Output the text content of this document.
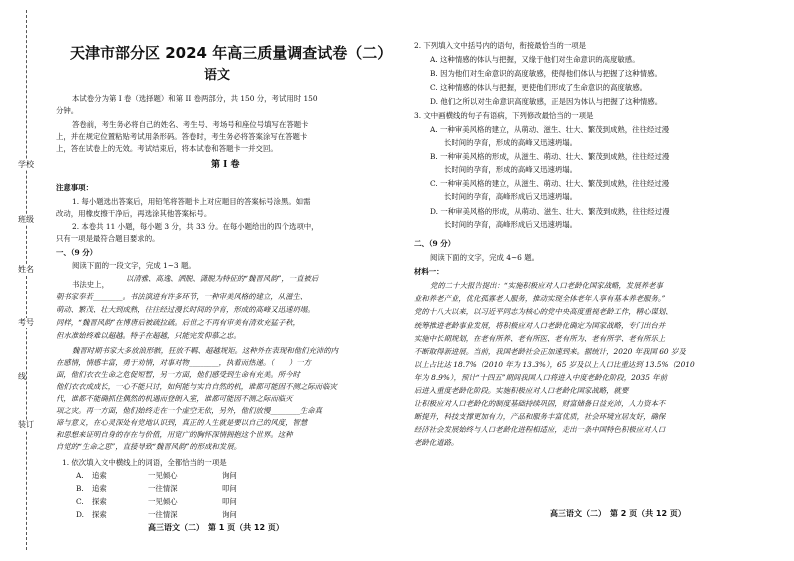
学校
班级
姓名
考号
线
装订
天津市部分区 2024 年高三质量调查试卷（二）
语文
本试卷分为第 I 卷（选择题）和第 II 卷两部分，共 150 分，考试用时 150
分钟。
答卷前，考生务必将自己的姓名、考生号、考场号和座位号填写在答题卡
上，并在规定位置粘贴考试用条形码。答卷时，考生务必将答案涂写在答题卡
上，答在试卷上的无效。考试结束后，将本试卷和答题卡一并交回。
第 I 卷
注意事项：
1. 每小题选出答案后，用铅笔将答题卡上对应题目的答案标号涂黑。如需
改动，用橡皮擦干净后，再选涂其他答案标号。
2. 本卷共 11 小题，每小题 3 分，共 33 分。在每小题给出的四个选项中，
只有一项是最符合题目要求的。
一、（9 分）
阅读下面的一段文字，完成 1~3 题。
以清雅、高逸、洒脱、潇脱为特征的“魏晋风韵”，一直被后
书法史上，
朝书家奉若________。书法演进有许多环节，一种审美风格的建立，从滋生、
萌动、繁茂、壮大到成熟，往往经过漫长时间的孕育，形成的高峰又迅速坍塌。
同样，“魏晋风韵”在博唐后被疏拉疏。后世之不再有审美有清欢充猛子秋，
但水准始终难以超越。特子在超越，只能完发仰慕之忠。
魏晋时期书家大多放浪形骸，狂放不羁、超越规矩。这种外在表现和他们充沛的内
在感情，情感丰富，勇于劝情，对事对物________，执着而热递。（　　）一方
面，他们衣衣生命之危促短暂，另一方面，他们感受到生命有充美。所今时
他们衣衣成成长，一心不能只讨，如何能与实自自然的机，谁都可能因不测之际而临灾
代，谁都不能确抓住偶然的机遇而登朗入室，谁都可能因不测之际而临灭
项之灾。再一方面，他们始终走在一个虚空无依，另外，他们放慢________生命真
谛与意义，在心灵深处有党地认识到，真正的人生就是要以自己的风度，智慧
和思想来证明自身的存在与价值，用宽广的胸怀深情拥抱这个世界。这种
自觉的“生命之思”，直接导致“魏晋风韵”的形成和发展。
1. 依次填入文中横线上的词语，全都恰当的一项是
A. 追索	一见倾心	询问
B. 追索	一往情深	叩问
C. 探索	一见倾心	叩问
D. 探索	一往情深	询问
高三语文（二）　第 1 页（共 12 页）
2. 下列填入文中括号内的语句，衔接最恰当的一项是
A. 这种情感的体认与把握，又缘于他们对生命意识的高度敏感。
B. 因为他们对生命意识的高度敏感，使得他们体认与把握了这种情感。
C. 这种情感的体认与把握，更使他们形成了生命意识的高度敏感。
D. 他们之所以对生命意识高度敏感，正是因为体认与把握了这种情感。
3. 文中画横线的句子有语病，下列修改最恰当的一项是
A. 一种审美风格的建立，从萌动、滋生、壮大、繁茂到成熟，往往经过漫
长时间的孕育，形成的高峰又迅速坍塌。
B. 一种审美风格的形成，从滋生、萌动、壮大、繁茂到成熟，往往经过漫
长时间的孕育，形成的高峰又迅速坍塌。
C. 一种审美风格的建立，从滋生、萌动、壮大、繁茂到成熟，往往经过漫
长时间的孕育，高峰形成后又迅速坍塌。
D. 一种审美风格的形成，从萌动、滋生、壮大、繁茂到成熟，往往经过漫
长时间的孕育，高峰形成后又迅速坍塌。
二、（9 分）
阅读下面的文字，完成 4~6 题。
材料一：
党的二十大报告提出：“实施积极应对人口老龄化国家战略，发展养老事
业和养老产业，优化孤寡老人服务，推动实现全体老年人享有基本养老服务。”
党的十八大以来，以习近平同志为核心的党中央高度重视老龄工作，精心谋划、
统筹推进老龄事业发展，将积极应对人口老龄化确定为国家战略，专门出台并
实施中长期规划，在老有所养、老有所医、老有所为、老有所学、老有所乐上
不断取得新进展。当前，我国老龄社会正加速到来。据统计，2020 年我国 60 岁及
以上占比达 18.7%（2010 年为 13.3%），65 岁及以上人口比重达到 13.5%（2010
年为 8.9%），预计“十四五”期间我国人口将进入中度老龄化阶段，2035 年前
后进入重度老龄化阶段。实施积极应对人口老龄化国家战略，就要
让积极应对人口老龄化的制度基础持续巩固，财富储备日益充沛，人力资本不
断提升，科技支撑更加有力，产品和服务丰富优质，社会环境宜居友好，确保
经济社会发展始终与人口老龄化进程相适应，走出一条中国特色积极应对人口
老龄化道路。
高三语文（二）　第 2 页（共 12 页）
